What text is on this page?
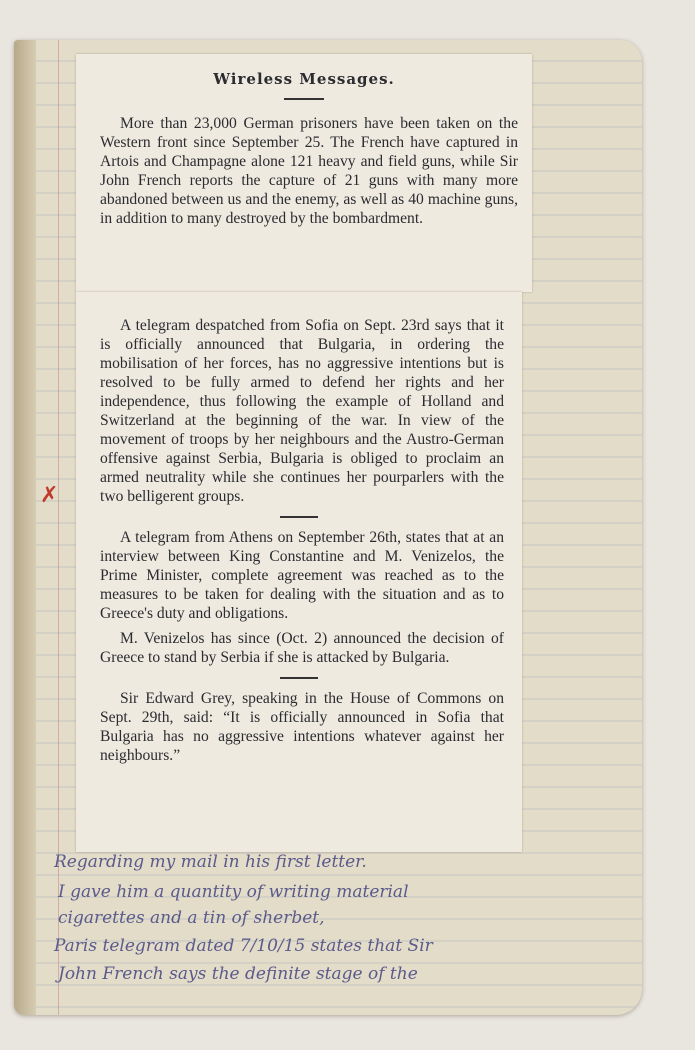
✗
Wireless Messages.

More than 23,000 German prisoners have been taken on the Western front since September 25. The French have captured in Artois and Champagne alone 121 heavy and field guns, while Sir John French reports the capture of 21 guns with many more abandoned between us and the enemy, as well as 40 machine guns, in addition to many destroyed by the bombardment.

A telegram despatched from Sofia on Sept. 23rd says that it is officially announced that Bulgaria, in ordering the mobilisation of her forces, has no aggressive intentions but is resolved to be fully armed to defend her rights and her independence, thus following the example of Holland and Switzerland at the beginning of the war. In view of the movement of troops by her neighbours and the Austro-German offensive against Serbia, Bulgaria is obliged to proclaim an armed neutrality while she continues her pourparlers with the two belligerent groups.

A telegram from Athens on September 26th, states that at an interview between King Constantine and M. Venizelos, the Prime Minister, complete agreement was reached as to the measures to be taken for dealing with the situation and as to Greece's duty and obligations.

M. Venizelos has since (Oct. 2) announced the decision of Greece to stand by Serbia if she is attacked by Bulgaria.

Sir Edward Grey, speaking in the House of Commons on Sept. 29th, said: “It is officially announced in Sofia that Bulgaria has no aggressive intentions whatever against her neighbours.”

Regarding my mail in his first letter.
I gave him a quantity of writing material
cigarettes and a tin of sherbet,
Paris telegram dated 7/10/15 states that Sir
John French says the definite stage of the
